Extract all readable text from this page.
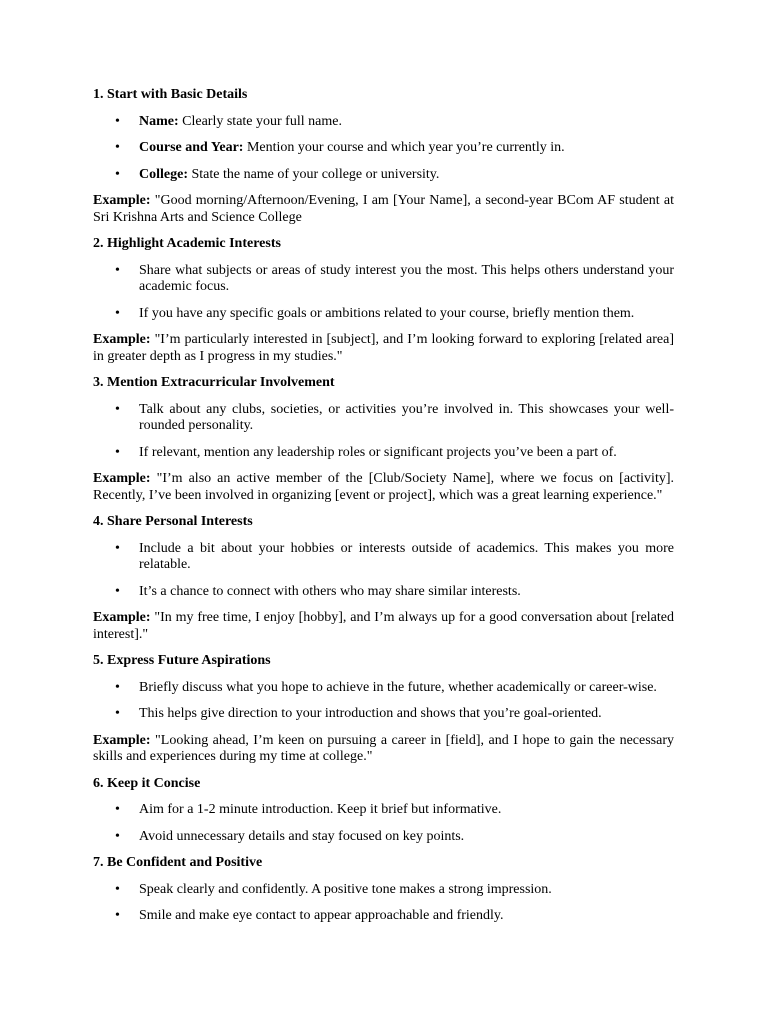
1. Start with Basic Details
• Name: Clearly state your full name.
• Course and Year: Mention your course and which year you’re currently in.
• College: State the name of your college or university.

Example: "Good morning/Afternoon/Evening, I am [Your Name], a second-year BCom AF student at Sri Krishna Arts and Science College

2. Highlight Academic Interests
• Share what subjects or areas of study interest you the most. This helps others understand your academic focus.
• If you have any specific goals or ambitions related to your course, briefly mention them.

Example: "I’m particularly interested in [subject], and I’m looking forward to exploring [related area] in greater depth as I progress in my studies."

3. Mention Extracurricular Involvement
• Talk about any clubs, societies, or activities you’re involved in. This showcases your well-rounded personality.
• If relevant, mention any leadership roles or significant projects you’ve been a part of.

Example: "I’m also an active member of the [Club/Society Name], where we focus on [activity]. Recently, I’ve been involved in organizing [event or project], which was a great learning experience."

4. Share Personal Interests
• Include a bit about your hobbies or interests outside of academics. This makes you more relatable.
• It’s a chance to connect with others who may share similar interests.

Example: "In my free time, I enjoy [hobby], and I’m always up for a good conversation about [related interest]."

5. Express Future Aspirations
• Briefly discuss what you hope to achieve in the future, whether academically or career-wise.
• This helps give direction to your introduction and shows that you’re goal-oriented.

Example: "Looking ahead, I’m keen on pursuing a career in [field], and I hope to gain the necessary skills and experiences during my time at college."

6. Keep it Concise
• Aim for a 1-2 minute introduction. Keep it brief but informative.
• Avoid unnecessary details and stay focused on key points.
7. Be Confident and Positive
• Speak clearly and confidently. A positive tone makes a strong impression.
• Smile and make eye contact to appear approachable and friendly.
